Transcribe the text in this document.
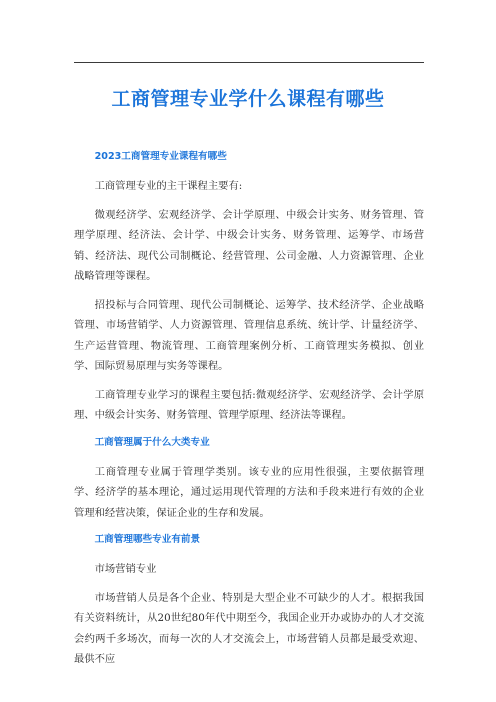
工商管理专业学什么课程有哪些
2023工商管理专业课程有哪些

工商管理专业的主干课程主要有:

微观经济学、宏观经济学、会计学原理、中级会计实务、财务管理、管理学原理、经济法、会计学、中级会计实务、财务管理、运筹学、市场营销、经济法、现代公司制概论、经营管理、公司金融、人力资源管理、企业战略管理等课程。

招投标与合同管理、现代公司制概论、运筹学、技术经济学、企业战略管理、市场营销学、人力资源管理、管理信息系统、统计学、计量经济学、生产运营管理、物流管理、工商管理案例分析、工商管理实务模拟、创业学、国际贸易原理与实务等课程。

工商管理专业学习的课程主要包括:微观经济学、宏观经济学、会计学原理、中级会计实务、财务管理、管理学原理、经济法等课程。

工商管理属于什么大类专业

工商管理专业属于管理学类别。该专业的应用性很强，主要依据管理学、经济学的基本理论，通过运用现代管理的方法和手段来进行有效的企业管理和经营决策，保证企业的生存和发展。

工商管理哪些专业有前景

市场营销专业

市场营销人员是各个企业、特别是大型企业不可缺少的人才。根据我国有关资料统计，从20世纪80年代中期至今，我国企业开办或协办的人才交流会约两千多场次，而每一次的人才交流会上，市场营销人员都是最受欢迎、最供不应
